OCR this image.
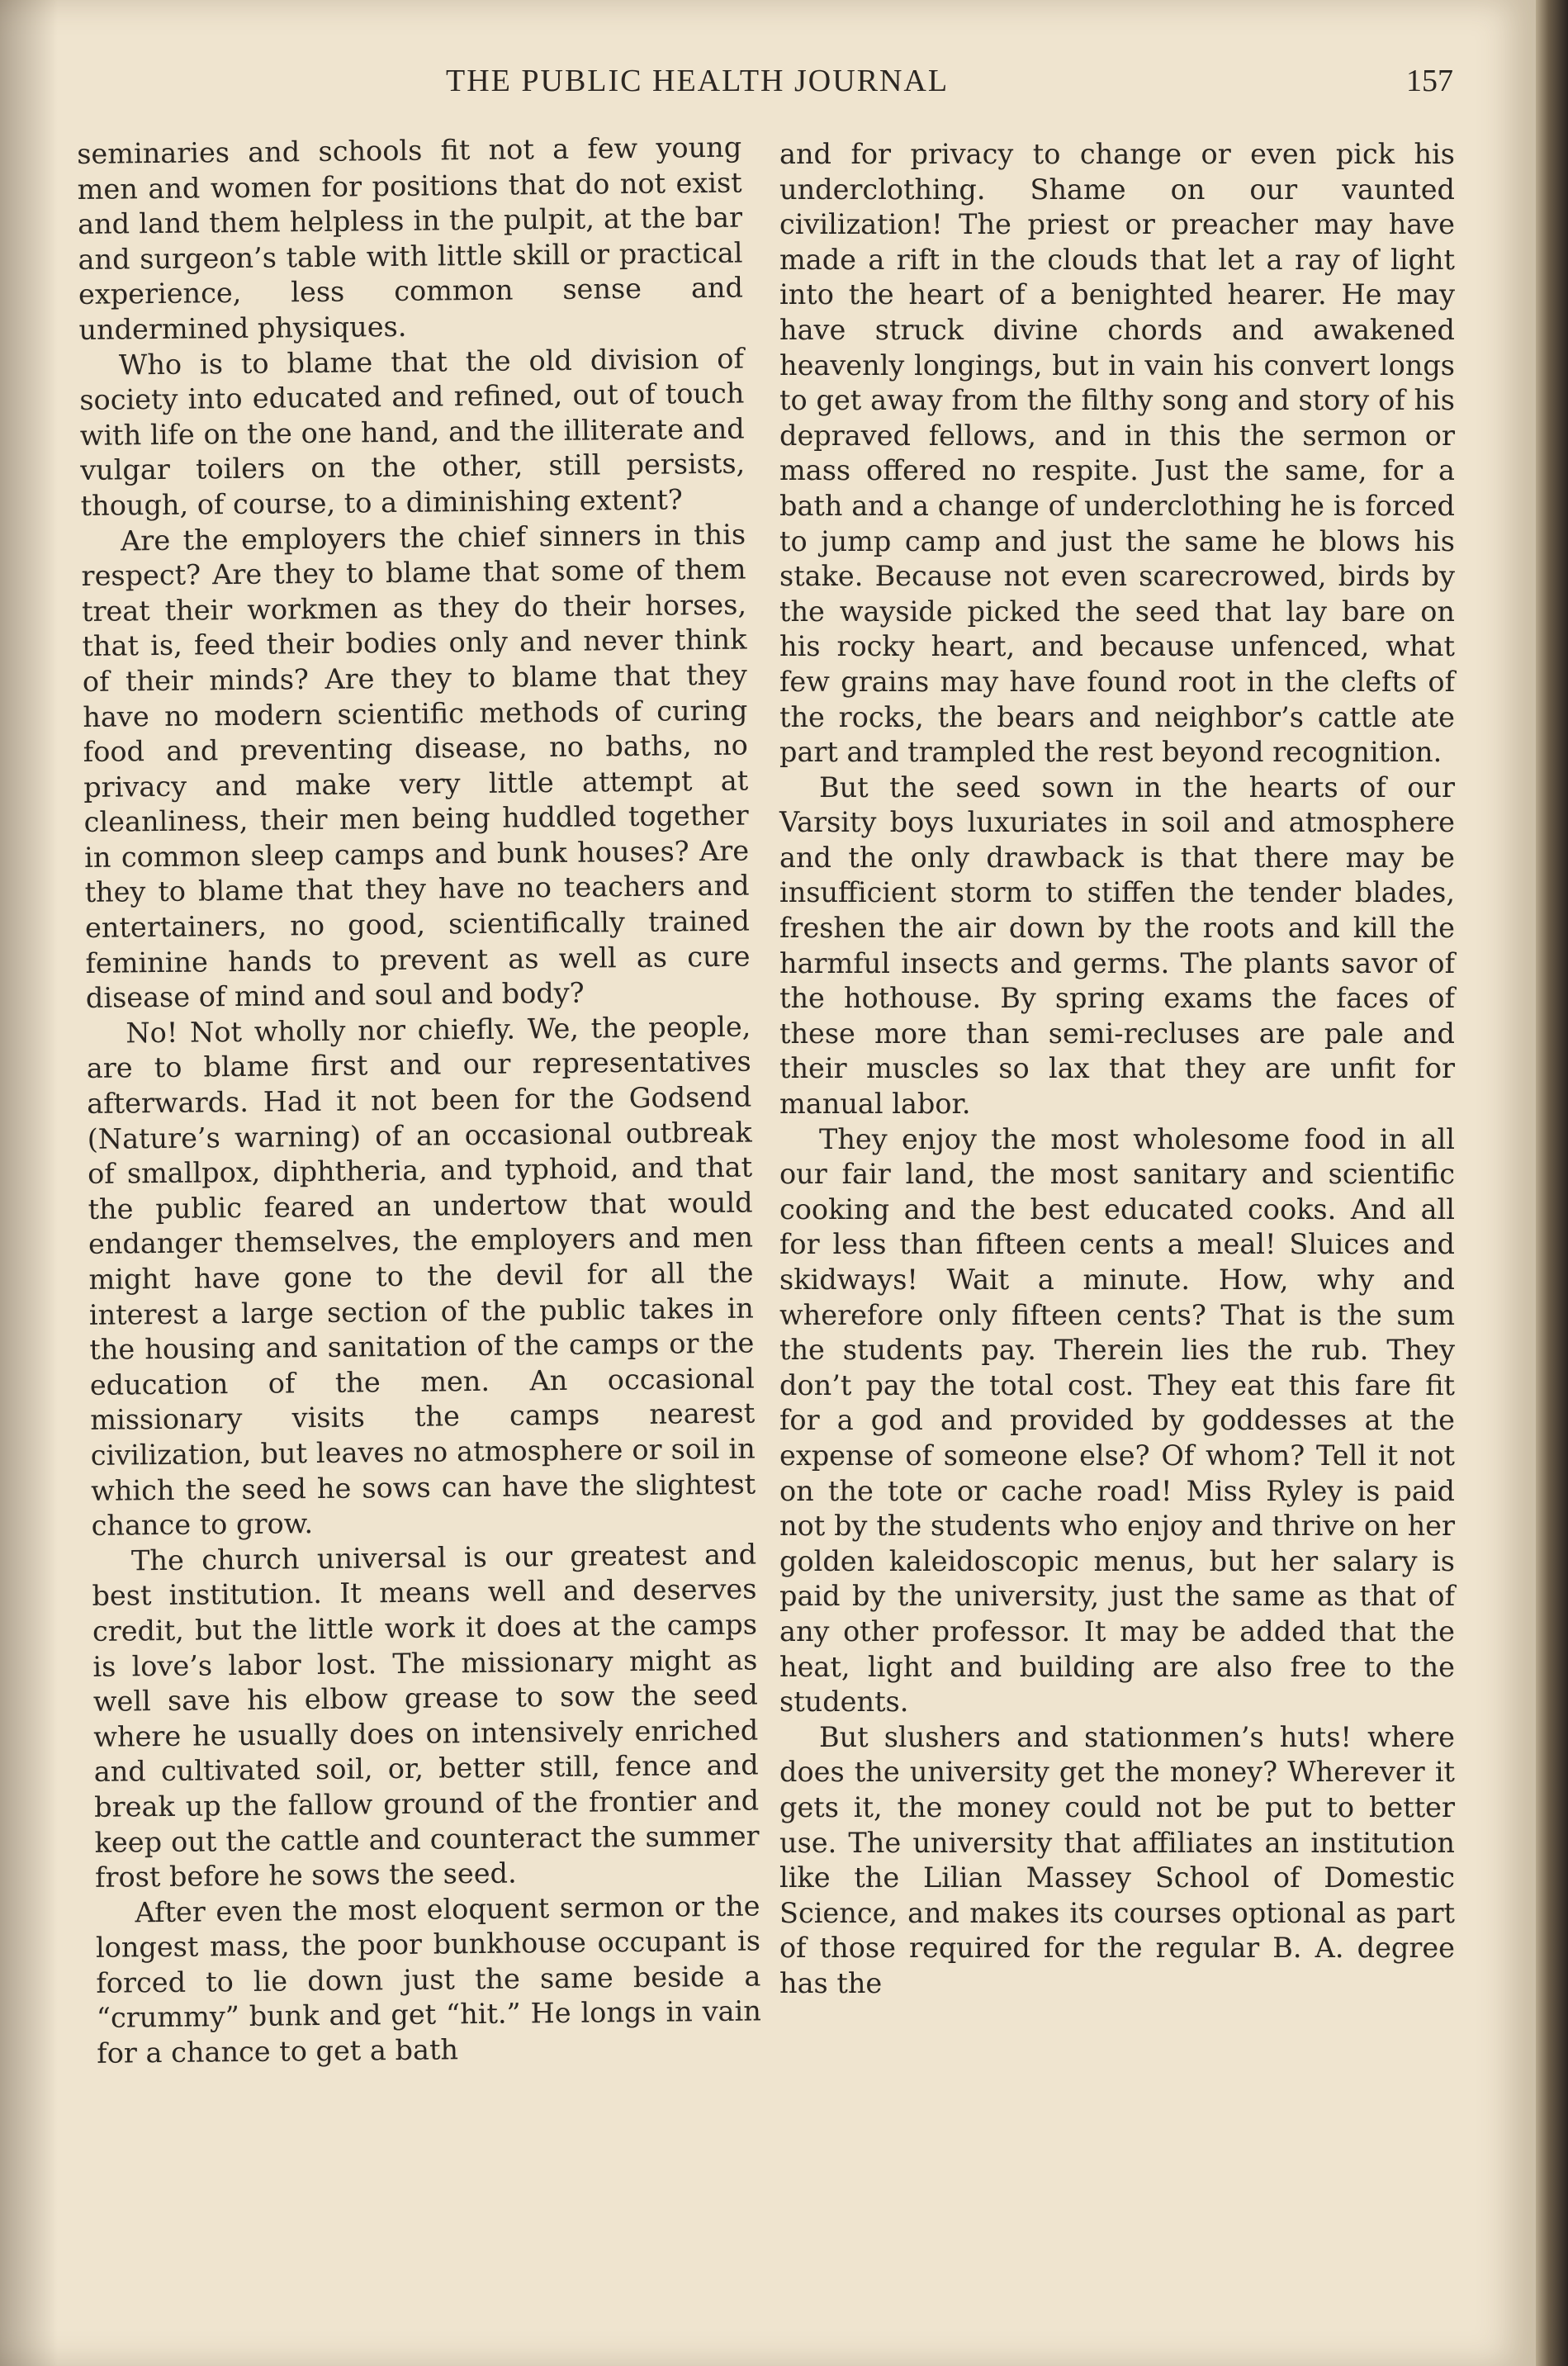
THE PUBLIC HEALTH JOURNAL	157

seminaries and schools fit not a few young men and women for positions that do not exist and land them helpless in the pulpit, at the bar and surgeon’s table with little skill or practical experience, less common sense and undermined physiques.

Who is to blame that the old division of society into educated and refined, out of touch with life on the one hand, and the illiterate and vulgar toilers on the other, still persists, though, of course, to a diminishing extent?

Are the employers the chief sinners in this respect? Are they to blame that some of them treat their workmen as they do their horses, that is, feed their bodies only and never think of their minds? Are they to blame that they have no modern scientific methods of curing food and preventing disease, no baths, no privacy and make very little attempt at cleanliness, their men being huddled together in common sleep camps and bunk houses? Are they to blame that they have no teachers and entertainers, no good, scientifically trained feminine hands to prevent as well as cure disease of mind and soul and body?

No! Not wholly nor chiefly. We, the people, are to blame first and our representatives afterwards. Had it not been for the Godsend (Nature’s warning) of an occasional outbreak of smallpox, diphtheria, and typhoid, and that the public feared an undertow that would endanger themselves, the employers and men might have gone to the devil for all the interest a large section of the public takes in the housing and sanitation of the camps or the education of the men. An occasional missionary visits the camps nearest civilization, but leaves no atmosphere or soil in which the seed he sows can have the slightest chance to grow.

The church universal is our greatest and best institution. It means well and deserves credit, but the little work it does at the camps is love’s labor lost. The missionary might as well save his elbow grease to sow the seed where he usually does on intensively enriched and cultivated soil, or, better still, fence and break up the fallow ground of the frontier and keep out the cattle and counteract the summer frost before he sows the seed.

After even the most eloquent sermon or the longest mass, the poor bunkhouse occupant is forced to lie down just the same beside a “crummy” bunk and get “hit.” He longs in vain for a chance to get a bath

and for privacy to change or even pick his underclothing. Shame on our vaunted civilization! The priest or preacher may have made a rift in the clouds that let a ray of light into the heart of a benighted hearer. He may have struck divine chords and awakened heavenly longings, but in vain his convert longs to get away from the filthy song and story of his depraved fellows, and in this the sermon or mass offered no respite. Just the same, for a bath and a change of underclothing he is forced to jump camp and just the same he blows his stake. Because not even scarecrowed, birds by the wayside picked the seed that lay bare on his rocky heart, and because unfenced, what few grains may have found root in the clefts of the rocks, the bears and neighbor’s cattle ate part and trampled the rest beyond recognition.

But the seed sown in the hearts of our Varsity boys luxuriates in soil and atmosphere and the only drawback is that there may be insufficient storm to stiffen the tender blades, freshen the air down by the roots and kill the harmful insects and germs. The plants savor of the hothouse. By spring exams the faces of these more than semi-recluses are pale and their muscles so lax that they are unfit for manual labor.

They enjoy the most wholesome food in all our fair land, the most sanitary and scientific cooking and the best educated cooks. And all for less than fifteen cents a meal! Sluices and skidways! Wait a minute. How, why and wherefore only fifteen cents? That is the sum the students pay. Therein lies the rub. They don’t pay the total cost. They eat this fare fit for a god and provided by goddesses at the expense of someone else? Of whom? Tell it not on the tote or cache road! Miss Ryley is paid not by the students who enjoy and thrive on her golden kaleidoscopic menus, but her salary is paid by the university, just the same as that of any other professor. It may be added that the heat, light and building are also free to the students.

But slushers and stationmen’s huts! where does the university get the money? Wherever it gets it, the money could not be put to better use. The university that affiliates an institution like the Lilian Massey School of Domestic Science, and makes its courses optional as part of those required for the regular B. A. degree has the
